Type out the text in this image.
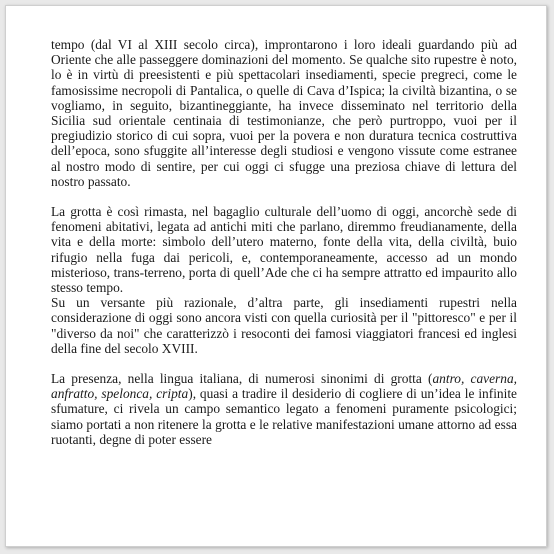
tempo (dal VI al XIII secolo circa), improntarono i loro ideali guardando più ad Oriente che alle passeggere dominazioni del momento. Se qualche sito rupestre è noto, lo è in virtù di preesistenti e più spettacolari insediamenti, specie pregreci, come le famosissime necropoli di Pantalica, o quelle di Cava d’Ispica; la civiltà bizantina, o se vogliamo, in seguito, bizantineggiante, ha invece disseminato nel territorio della Sicilia sud orientale centinaia di testimonianze, che però purtroppo, vuoi per il pregiudizio storico di cui sopra, vuoi per la povera e non duratura tecnica costruttiva dell’epoca, sono sfuggite all’interesse degli studiosi e vengono vissute come estranee al nostro modo di sentire, per cui oggi ci sfugge una preziosa chiave di lettura del nostro passato.

La grotta è così rimasta, nel bagaglio culturale dell’uomo di oggi, ancorchè sede di fenomeni abitativi, legata ad antichi miti che parlano, diremmo freudianamente, della vita e della morte: simbolo dell’utero materno, fonte della vita, della civiltà, buio rifugio nella fuga dai pericoli, e, contemporaneamente, accesso ad un mondo misterioso, trans-terreno, porta di quell’Ade che ci ha sempre attratto ed impaurito allo stesso tempo.

Su un versante più razionale, d’altra parte, gli insediamenti rupestri nella considerazione di oggi sono ancora visti con quella curiosità per il "pittoresco" e per il "diverso da noi" che caratterizzò i resoconti dei famosi viaggiatori francesi ed inglesi della fine del secolo XVIII.

La presenza, nella lingua italiana, di numerosi sinonimi di grotta (antro, caverna, anfratto, spelonca, cripta), quasi a tradire il desiderio di cogliere di un’idea le infinite sfumature, ci rivela un campo semantico legato a fenomeni puramente psicologici; siamo portati a non ritenere la grotta e le relative manifestazioni umane attorno ad essa ruotanti, degne di poter essere
